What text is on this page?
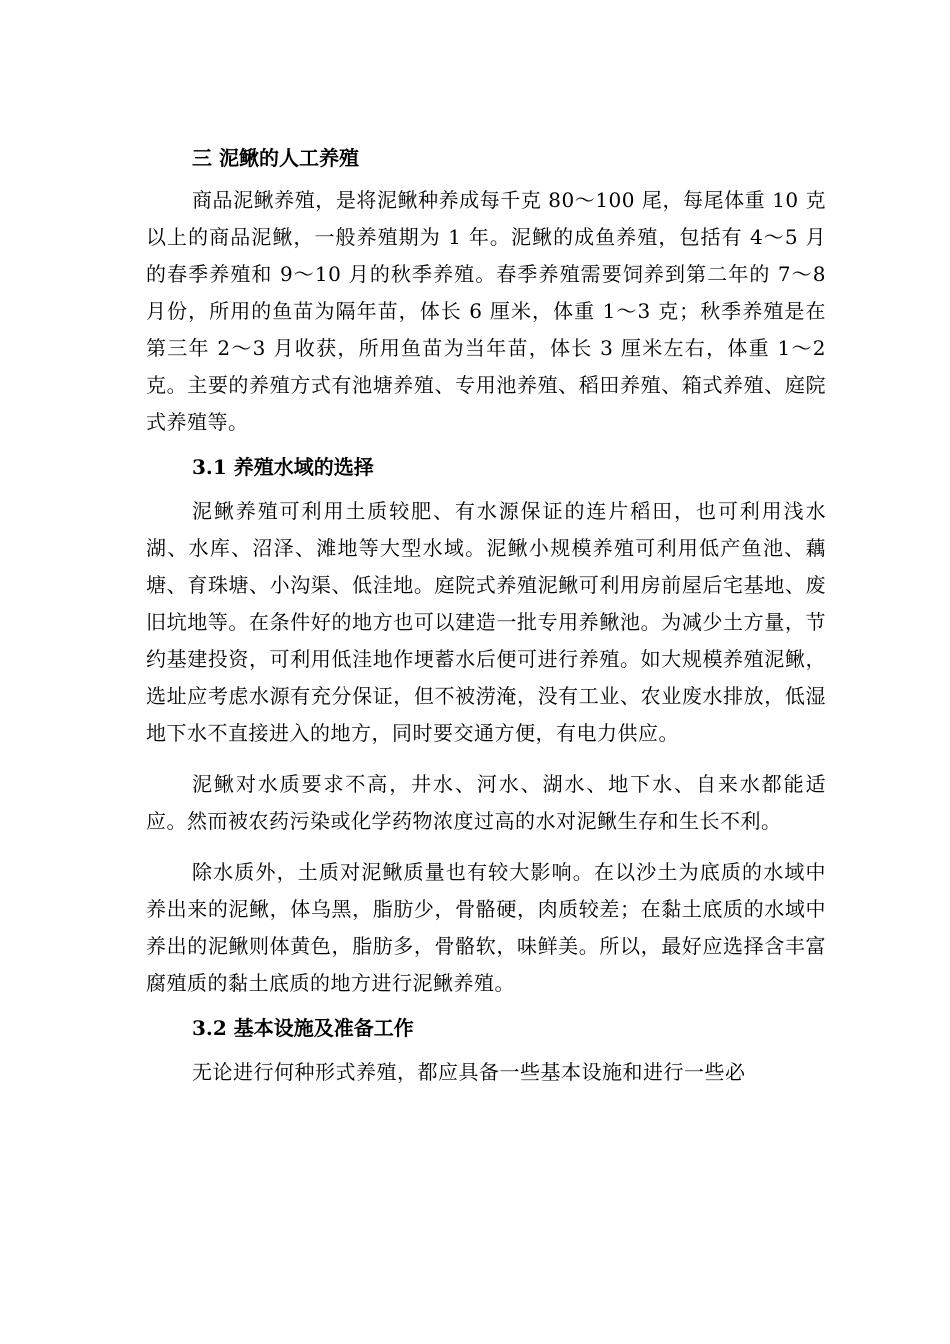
三 泥鳅的人工养殖

商品泥鳅养殖，是将泥鳅种养成每千克 80～100 尾，每尾体重 10 克以上的商品泥鳅，一般养殖期为 1 年。泥鳅的成鱼养殖，包括有 4～5 月的春季养殖和 9～10 月的秋季养殖。春季养殖需要饲养到第二年的 7～8 月份，所用的鱼苗为隔年苗，体长 6 厘米，体重 1～3 克；秋季养殖是在第三年 2～3 月收获，所用鱼苗为当年苗，体长 3 厘米左右，体重 1～2 克。主要的养殖方式有池塘养殖、专用池养殖、稻田养殖、箱式养殖、庭院式养殖等。

3.1 养殖水域的选择

泥鳅养殖可利用土质较肥、有水源保证的连片稻田，也可利用浅水湖、水库、沼泽、滩地等大型水域。泥鳅小规模养殖可利用低产鱼池、藕塘、育珠塘、小沟渠、低洼地。庭院式养殖泥鳅可利用房前屋后宅基地、废旧坑地等。在条件好的地方也可以建造一批专用养鳅池。为减少土方量，节约基建投资，可利用低洼地作埂蓄水后便可进行养殖。如大规模养殖泥鳅，选址应考虑水源有充分保证，但不被涝淹，没有工业、农业废水排放，低湿地下水不直接进入的地方，同时要交通方便，有电力供应。

泥鳅对水质要求不高，井水、河水、湖水、地下水、自来水都能适应。然而被农药污染或化学药物浓度过高的水对泥鳅生存和生长不利。

除水质外，土质对泥鳅质量也有较大影响。在以沙土为底质的水域中养出来的泥鳅，体乌黑，脂肪少，骨骼硬，肉质较差；在黏土底质的水域中养出的泥鳅则体黄色，脂肪多，骨骼软，味鲜美。所以，最好应选择含丰富腐殖质的黏土底质的地方进行泥鳅养殖。

3.2 基本设施及准备工作

无论进行何种形式养殖，都应具备一些基本设施和进行一些必
